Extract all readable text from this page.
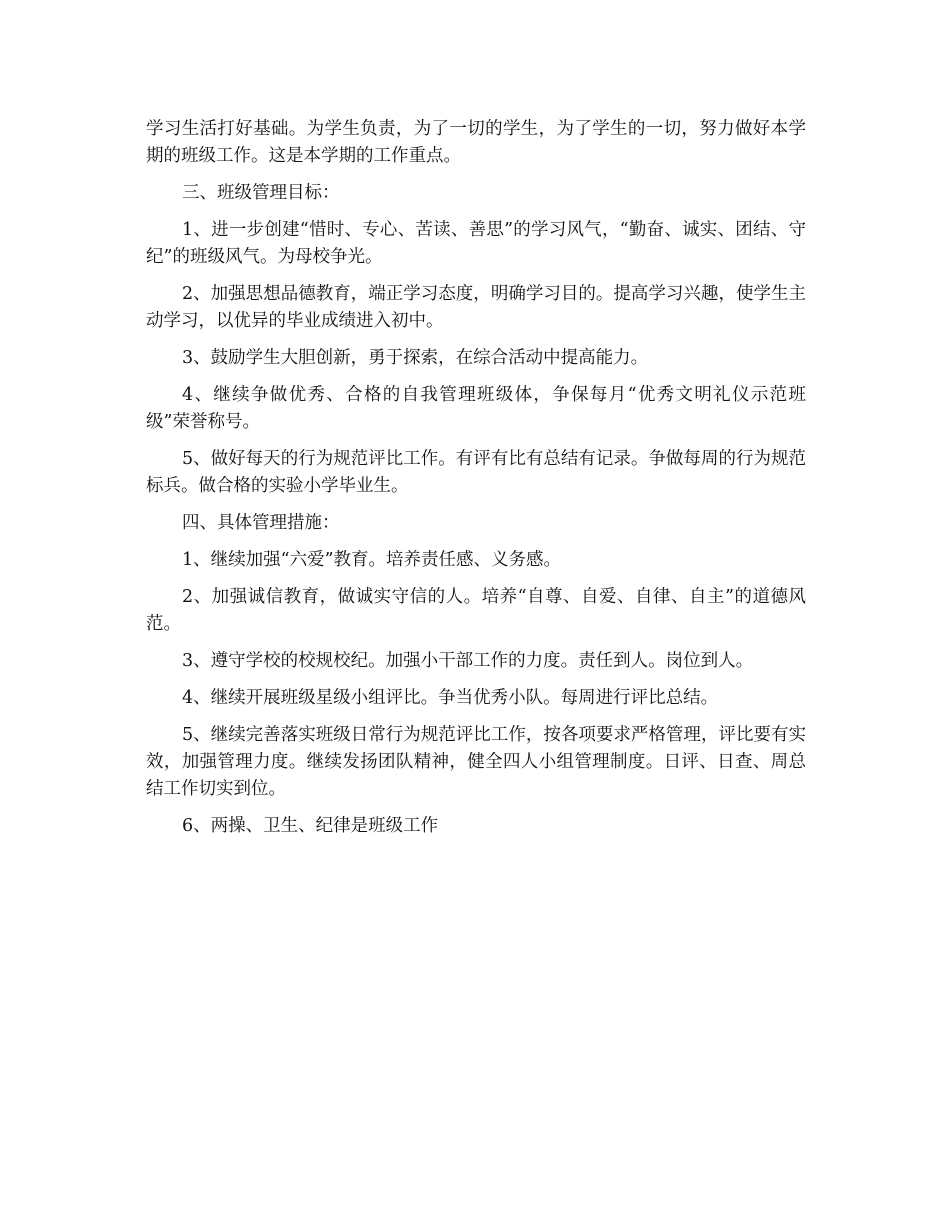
学习生活打好基础。为学生负责，为了一切的学生，为了学生的一切，努力做好本学期的班级工作。这是本学期的工作重点。

三、班级管理目标：

1、进一步创建“惜时、专心、苦读、善思”的学习风气，“勤奋、诚实、团结、守纪”的班级风气。为母校争光。

2、加强思想品德教育，端正学习态度，明确学习目的。提高学习兴趣，使学生主动学习，以优异的毕业成绩进入初中。

3、鼓励学生大胆创新，勇于探索，在综合活动中提高能力。

4、继续争做优秀、合格的自我管理班级体，争保每月“优秀文明礼仪示范班级”荣誉称号。

5、做好每天的行为规范评比工作。有评有比有总结有记录。争做每周的行为规范标兵。做合格的实验小学毕业生。

四、具体管理措施：

1、继续加强“六爱”教育。培养责任感、义务感。

2、加强诚信教育，做诚实守信的人。培养“自尊、自爱、自律、自主”的道德风范。

3、遵守学校的校规校纪。加强小干部工作的力度。责任到人。岗位到人。

4、继续开展班级星级小组评比。争当优秀小队。每周进行评比总结。

5、继续完善落实班级日常行为规范评比工作，按各项要求严格管理，评比要有实效，加强管理力度。继续发扬团队精神，健全四人小组管理制度。日评、日查、周总结工作切实到位。

6、两操、卫生、纪律是班级工作
